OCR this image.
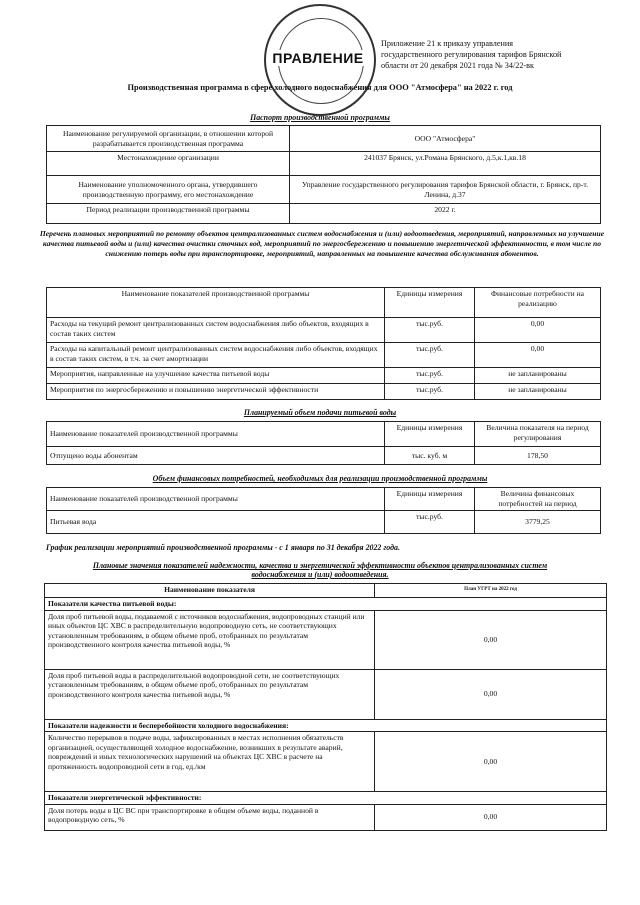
ПРАВЛЕНИЕ
Приложение 21 к приказу управления
государственного регулирования тарифов Брянской
области от 20 декабря 2021 года № 34/22-вк
Производственная программа в сфере холодного водоснабжения для ООО "Атмосфера" на 2022 г. год
Паспорт производственной программы
Наименование регулируемой организации, в отношении которой разрабатывается производственная программа	ООО "Атмосфера"
Местонахождение организации	241037 Брянск, ул.Романа Брянского, д.5,к.1,кв.18
Наименование уполномоченного органа, утвердившего производственную программу, его местонахождение	Управление государственного регулирования тарифов Брянской области, г. Брянск, пр-т. Ленина, д.37
Период реализации производственной программы	2022 г.
Перечень плановых мероприятий по ремонту объектов централизованных систем водоснабжения и (или) водоотведения, мероприятий, направленных на улучшение качества питьевой воды и (или) качества очистки сточных вод, мероприятий по энергосбережению и повышению энергетической эффективности, в том числе по снижению потерь воды при транспортировке, мероприятий, направленных на повышение качества обслуживания абонентов.
Наименование показателей производственной программы	Единицы измерения	Финансовые потребности на реализацию
Расходы на текущий ремонт централизованных систем водоснабжения либо объектов, входящих в состав таких систем	тыс.руб.	0,00
Расходы на капитальный ремонт централизованных систем водоснабжения либо объектов, входящих в состав таких систем, в т.ч. за счет амортизации	тыс.руб.	0,00
Мероприятия, направленные на улучшение качества питьевой воды	тыс.руб.	не запланированы
Мероприятия по энергосбережению и повышению энергетической эффективности	тыс.руб.	не запланированы
Планируемый объем подачи питьевой воды
Наименование показателей производственной программы	Единицы измерения	Величина показателя на период регулирования
Отпущено воды абонентам	тыс. куб. м	178,50
Объем финансовых потребностей, необходимых для реализации производственной программы
Наименование показателей производственной программы	Единицы измерения	Величина финансовых потребностей на период
Питьевая вода	тыс.руб.	3779,25
График реализации мероприятий производственной программы - с 1 января по 31 декабря 2022 года.
Плановые значения показателей надежности, качества и энергетической эффективности объектов централизованных систем
водоснабжения и (или) водоотведения.
Наименование показателя	План УГРТ на 2022 год
Показатели качества питьевой воды:	
Доля проб питьевой воды, подаваемой с источников водоснабжения, водопроводных станций или иных объектов ЦС ХВС в распределительную водопроводную сеть, не соответствующих установленным требованиям, в общем объеме проб, отобранных по результатам производственного контроля качества питьевой воды, %	0,00
Доля проб питьевой воды в распределительной водопроводной сети, не соответствующих установленным требованиям, в общем объеме проб, отобранных по результатам производственного контроля качества питьевой воды, %	0,00
Показатели надежности и бесперебойности холодного водоснабжения:	
Количество перерывов в подаче воды, зафиксированных в местах исполнения обязательств организацией, осуществляющей холодное водоснабжение, возникших в результате аварий, повреждений и иных технологических нарушений на объектах ЦС ХВС в расчете на протяженность водопроводной сети в год, ед./км	0,00
Показатели энергетической эффективности:	
Доля потерь воды в ЦС ВС при транспортировке в общем объеме воды, поданной в водопроводную сеть, %	0,00
